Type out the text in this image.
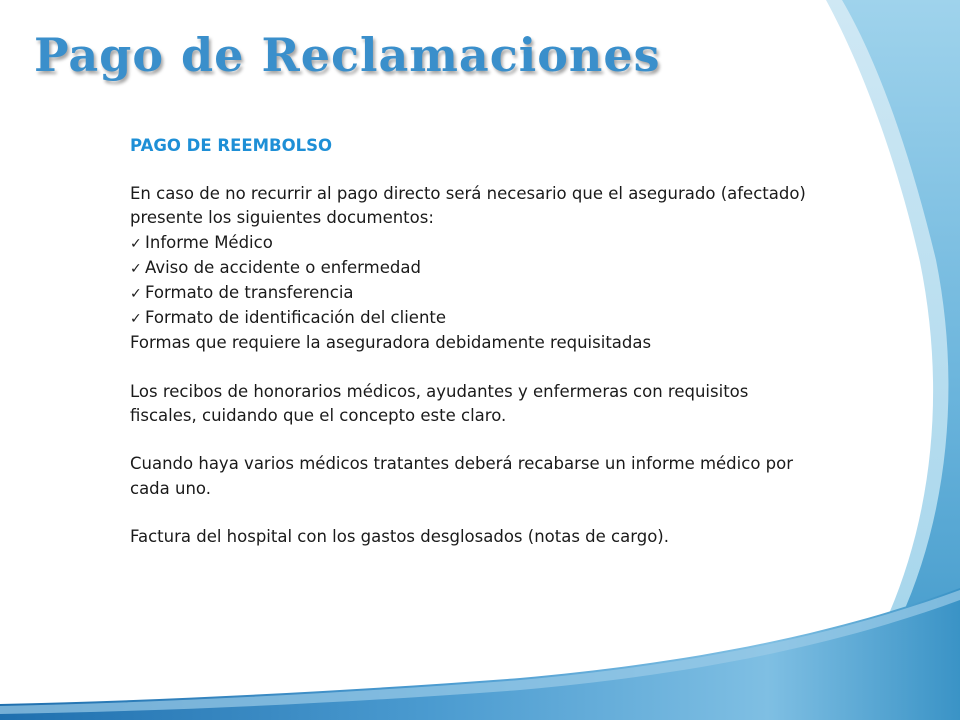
Pago de Reclamaciones
PAGO DE REEMBOLSO

En caso de no recurrir al pago directo será necesario que el asegurado (afectado) presente los siguientes documentos:

✓ Informe Médico
✓ Aviso de accidente o enfermedad
✓ Formato de transferencia
✓ Formato de identificación del cliente

Formas que requiere la aseguradora debidamente requisitadas

Los recibos de honorarios médicos, ayudantes y enfermeras con requisitos fiscales, cuidando que el concepto este claro.

Cuando haya varios médicos tratantes deberá recabarse un informe médico por cada uno.

Factura del hospital con los gastos desglosados (notas de cargo).
